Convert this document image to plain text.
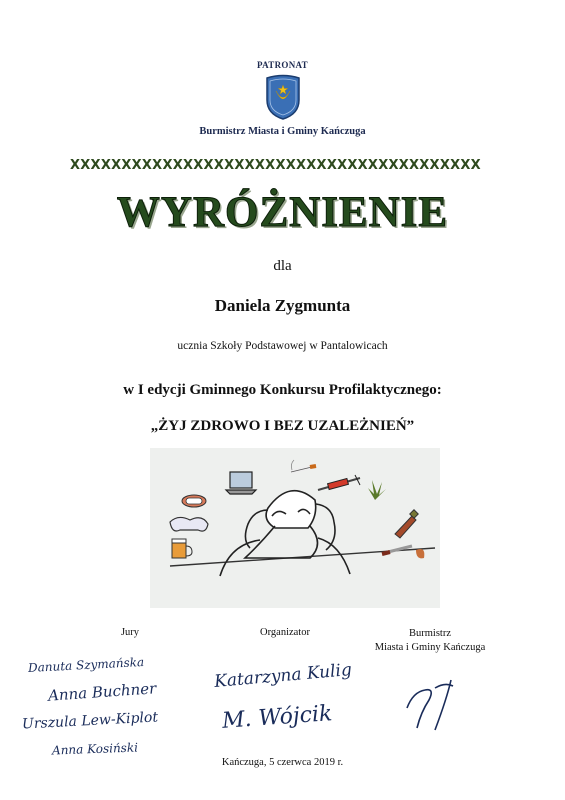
PATRONAT
Burmistrz Miasta i Gminy Kańczuga
XXXXXXXXXXXXXXXXXXXXXXXXXXXXXXXXXXXXXXXX
WYRÓŻNIENIE
dla
Daniela Zygmunta
ucznia Szkoły Podstawowej w Pantalowicach
w I edycji Gminnego Konkursu Profilaktycznego:
„ŻYJ ZDROWO I BEZ UZALEŻNIEŃ”
Jury	Organizator	Burmistrz
Miasta i Gminy Kańczuga
Danuta Szymańska
Anna Buchner
Urszula Lew-Kiplot
Anna Kosiński
Katarzyna Kulig
M. Wójcik
Kańczuga, 5 czerwca 2019 r.
